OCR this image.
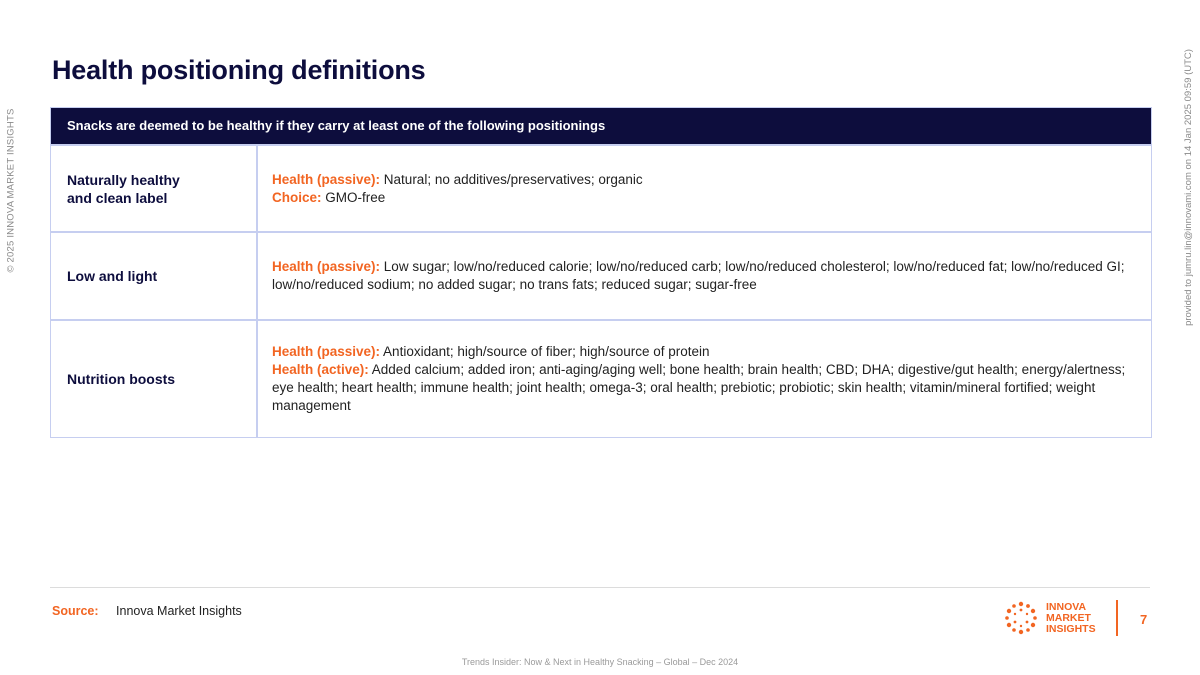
© 2025 INNOVA MARKET INSIGHTS	provided to jumru.lin@innovami.com on 14 Jan 2025 09:59 (UTC)
Health positioning definitions
Snacks are deemed to be healthy if they carry at least one of the following positionings
Naturally healthy and clean label
Health (passive): Natural; no additives/preservatives; organic
Choice: GMO-free
Low and light
Health (passive): Low sugar; low/no/reduced calorie; low/no/reduced carb; low/no/reduced cholesterol; low/no/reduced fat; low/no/reduced GI; low/no/reduced sodium; no added sugar; no trans fats; reduced sugar; sugar-free
Nutrition boosts
Health (passive): Antioxidant; high/source of fiber; high/source of protein
Health (active): Added calcium; added iron; anti-aging/aging well; bone health; brain health; CBD; DHA; digestive/gut health; energy/alertness; eye health; heart health; immune health; joint health; omega-3; oral health; prebiotic; probiotic; skin health; vitamin/mineral fortified; weight management
Source: Innova Market Insights	INNOVA
MARKET
INSIGHTS
7
Trends Insider: Now & Next in Healthy Snacking – Global – Dec 2024
